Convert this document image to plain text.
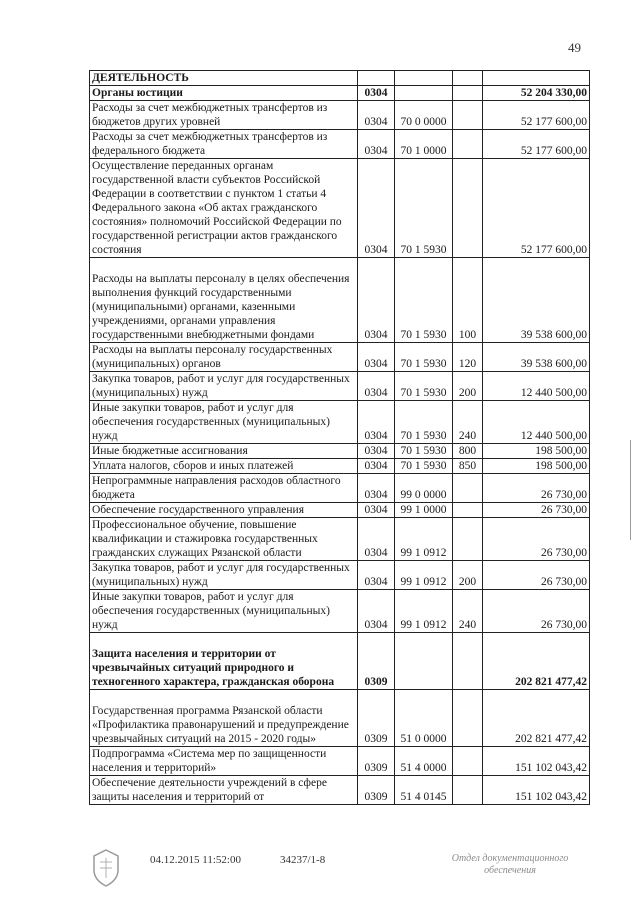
49
ДЕЯТЕЛЬНОСТЬ				
Органы юстиции	0304			52 204 330,00
Расходы за счет межбюджетных трансфертов из бюджетов других уровней	0304	70 0 0000		52 177 600,00
Расходы за счет межбюджетных трансфертов из федерального бюджета	0304	70 1 0000		52 177 600,00
Осуществление переданных органам государственной власти субъектов Российской Федерации в соответствии с пунктом 1 статьи 4 Федерального закона «Об актах гражданского состояния» полномочий Российской Федерации по государственной регистрации актов гражданского состояния	0304	70 1 5930		52 177 600,00
Расходы на выплаты персоналу в целях обеспечения выполнения функций государственными (муниципальными) органами, казенными учреждениями, органами управления государственными внебюджетными фондами	0304	70 1 5930	100	39 538 600,00
Расходы на выплаты персоналу государственных (муниципальных) органов	0304	70 1 5930	120	39 538 600,00
Закупка товаров, работ и услуг для государственных (муниципальных) нужд	0304	70 1 5930	200	12 440 500,00
Иные закупки товаров, работ и услуг для обеспечения государственных (муниципальных) нужд	0304	70 1 5930	240	12 440 500,00
Иные бюджетные ассигнования	0304	70 1 5930	800	198 500,00
Уплата налогов, сборов и иных платежей	0304	70 1 5930	850	198 500,00
Непрограммные направления расходов областного бюджета	0304	99 0 0000		26 730,00
Обеспечение государственного управления	0304	99 1 0000		26 730,00
Профессиональное обучение, повышение квалификации и стажировка государственных гражданских служащих Рязанской области	0304	99 1 0912		26 730,00
Закупка товаров, работ и услуг для государственных (муниципальных) нужд	0304	99 1 0912	200	26 730,00
Иные закупки товаров, работ и услуг для обеспечения государственных (муниципальных) нужд	0304	99 1 0912	240	26 730,00
Защита населения и территории от чрезвычайных ситуаций природного и техногенного характера, гражданская оборона	0309			202 821 477,42
Государственная программа Рязанской области «Профилактика правонарушений и предупреждение чрезвычайных ситуаций на 2015 - 2020 годы»	0309	51 0 0000		202 821 477,42
Подпрограмма «Система мер по защищенности населения и территорий»	0309	51 4 0000		151 102 043,42
Обеспечение деятельности учреждений в сфере защиты населения и территорий от	0309	51 4 0145		151 102 043,42
04.12.2015 11:52:00	34237/1-8	Отдел документационного обеспечения
